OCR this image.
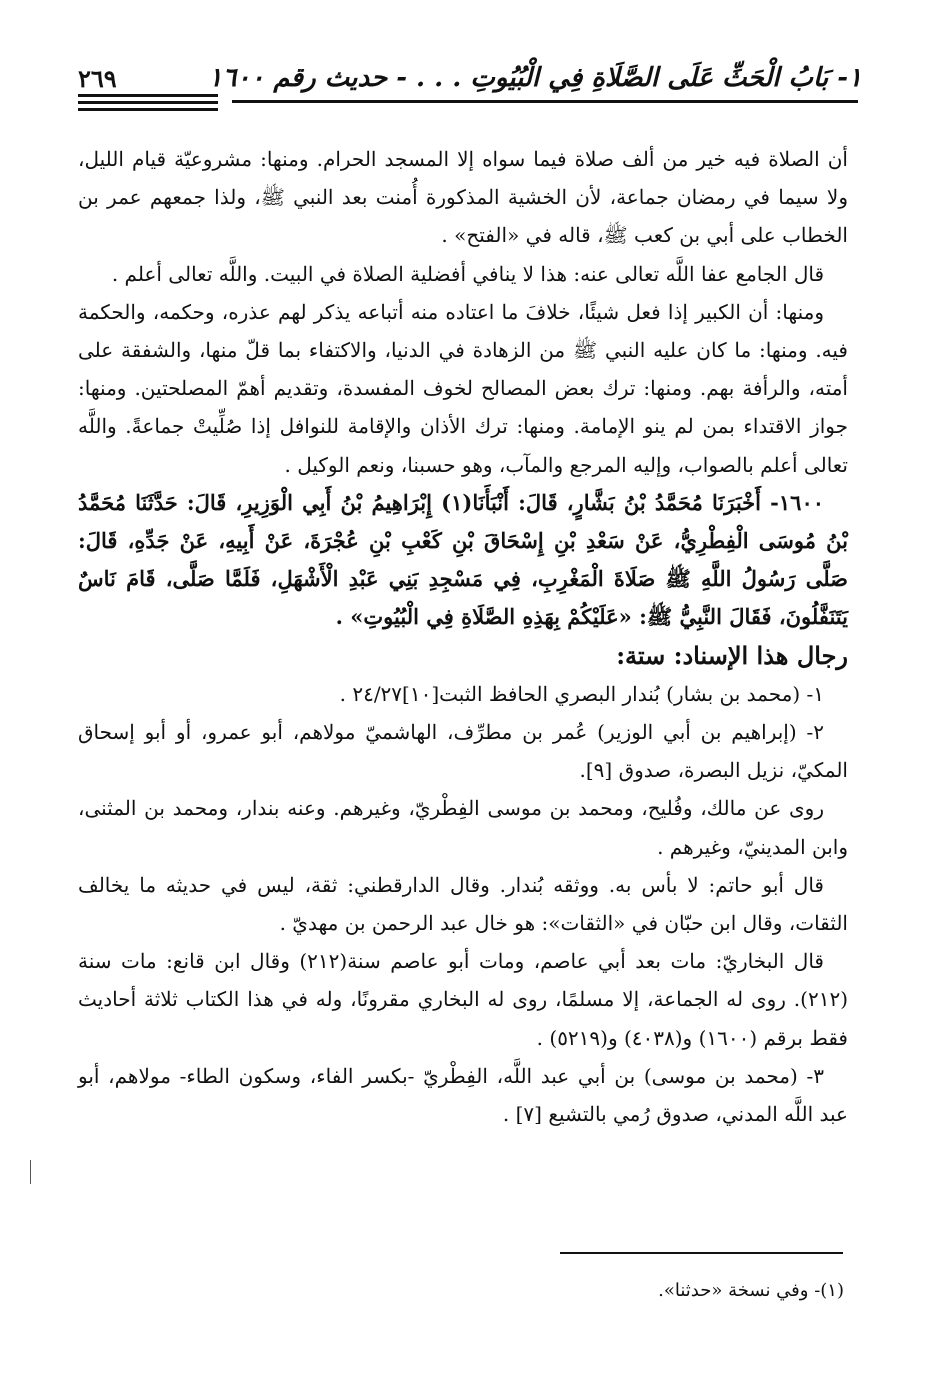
١- بَابُ الْحَثِّ عَلَى الصَّلَاةِ فِي الْبُيُوتِ . . . - حديث رقم ١٦٠٠
٢٦٩

أن الصلاة فيه خير من ألف صلاة فيما سواه إلا المسجد الحرام. ومنها: مشروعيّة قيام الليل، ولا سيما في رمضان جماعة، لأن الخشية المذكورة أُمنت بعد النبي ﷺ، ولذا جمعهم عمر بن الخطاب على أبي بن كعب ﷺ، قاله في «الفتح» .

قال الجامع عفا اللَّه تعالى عنه: هذا لا ينافي أفضلية الصلاة في البيت. واللَّه تعالى أعلم .

ومنها: أن الكبير إذا فعل شيئًا، خلافَ ما اعتاده منه أتباعه يذكر لهم عذره، وحكمه، والحكمة فيه. ومنها: ما كان عليه النبي ﷺ من الزهادة في الدنيا، والاكتفاء بما قلّ منها، والشفقة على أمته، والرأفة بهم. ومنها: ترك بعض المصالح لخوف المفسدة، وتقديم أهمّ المصلحتين. ومنها: جواز الاقتداء بمن لم ينو الإمامة. ومنها: ترك الأذان والإقامة للنوافل إذا صُلِّيتْ جماعةً. واللَّه تعالى أعلم بالصواب، وإليه المرجع والمآب، وهو حسبنا، ونعم الوكيل .

١٦٠٠- أَخْبَرَنَا مُحَمَّدُ بْنُ بَشَّارٍ، قَالَ: أَنْبَأَنَا(١) إِبْرَاهِيمُ بْنُ أَبِي الْوَزِيرِ، قَالَ: حَدَّثَنَا مُحَمَّدُ بْنُ مُوسَى الْفِطْرِيُّ، عَنْ سَعْدِ بْنِ إِسْحَاقَ بْنِ كَعْبِ بْنِ عُجْرَةَ، عَنْ أَبِيهِ، عَنْ جَدِّهِ، قَالَ: صَلَّى رَسُولُ اللَّهِ ﷺ صَلَاةَ الْمَغْرِبِ، فِي مَسْجِدِ بَنِي عَبْدِ الْأَشْهَلِ، فَلَمَّا صَلَّى، قَامَ نَاسٌ يَتَنَفَّلُونَ، فَقَالَ النَّبِيُّ ﷺ: «عَلَيْكُمْ بِهَذِهِ الصَّلَاةِ فِي الْبُيُوتِ» .

رجال هذا الإسناد: ستة:

١- (محمد بن بشار) بُندار البصري الحافظ الثبت[١٠]٢٤/٢٧ .

٢- (إبراهيم بن أبي الوزير) عُمر بن مطرِّف، الهاشميّ مولاهم، أبو عمرو، أو أبو إسحاق المكيّ، نزيل البصرة، صدوق [٩].

روى عن مالك، وفُليح، ومحمد بن موسى الفِطْريّ، وغيرهم. وعنه بندار، ومحمد بن المثنى، وابن المدينيّ، وغيرهم .

قال أبو حاتم: لا بأس به. ووثقه بُندار. وقال الدارقطني: ثقة، ليس في حديثه ما يخالف الثقات، وقال ابن حبّان في «الثقات»: هو خال عبد الرحمن بن مهديّ .

قال البخاريّ: مات بعد أبي عاصم، ومات أبو عاصم سنة(٢١٢) وقال ابن قانع: مات سنة (٢١٢). روى له الجماعة، إلا مسلمًا، روى له البخاري مقرونًا، وله في هذا الكتاب ثلاثة أحاديث فقط برقم (١٦٠٠) و(٤٠٣٨) و(٥٢١٩) .

٣- (محمد بن موسى) بن أبي عبد اللَّه، الفِطْريّ -بكسر الفاء، وسكون الطاء- مولاهم، أبو عبد اللَّه المدني، صدوق رُمي بالتشيع [٧] .

(١)- وفي نسخة «حدثنا».
